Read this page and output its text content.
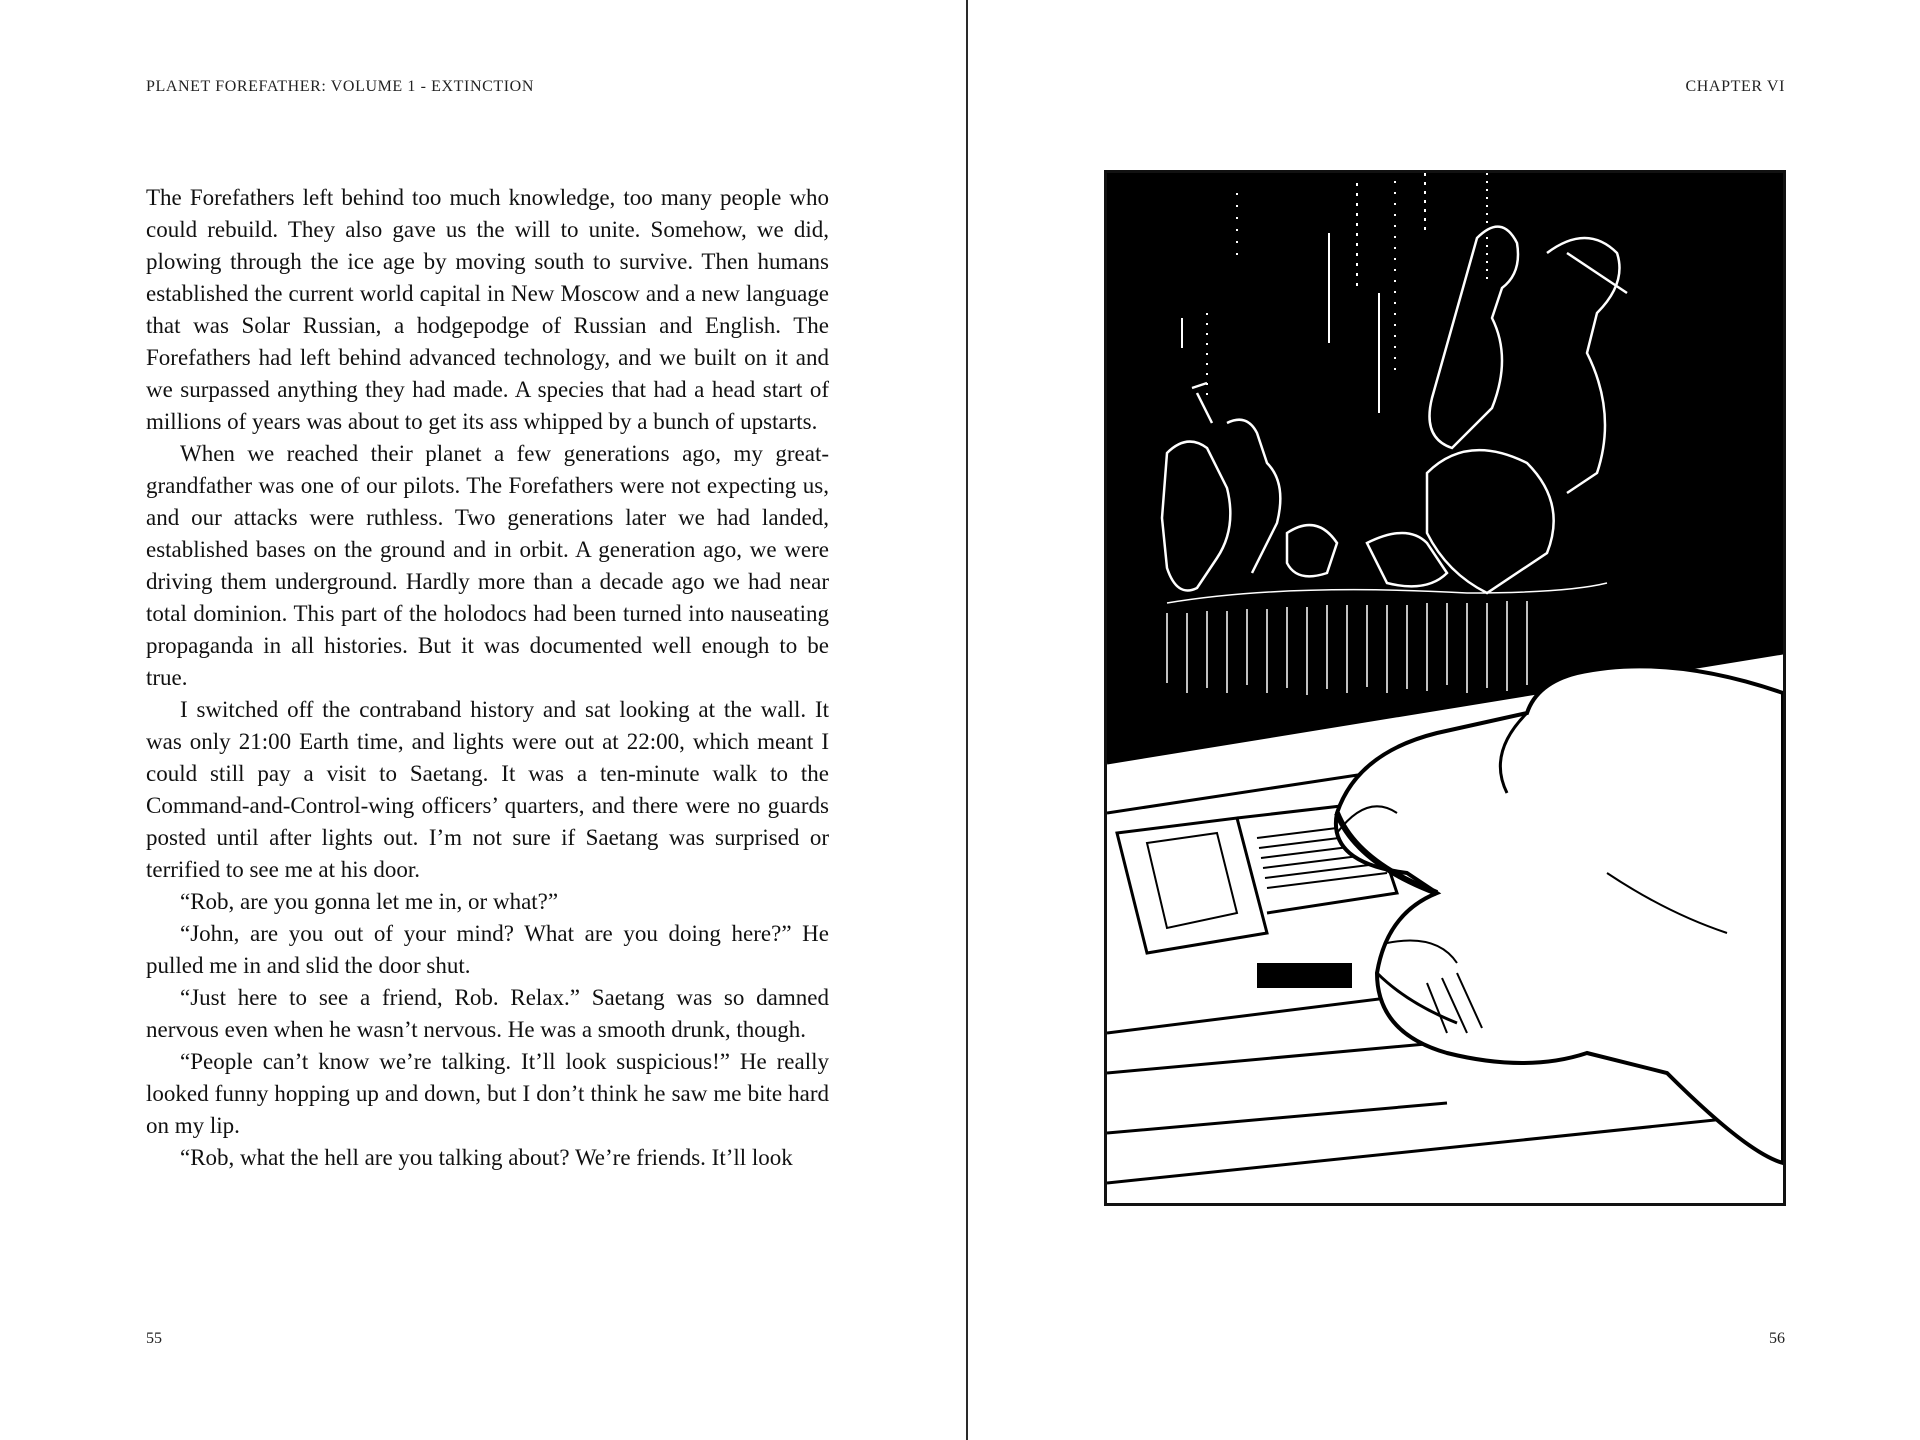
PLANET FOREFATHER: VOLUME 1 - EXTINCTION

The Forefathers left behind too much knowledge, too many people who could rebuild. They also gave us the will to unite. Somehow, we did, plowing through the ice age by moving south to survive. Then humans established the current world capital in New Moscow and a new language that was Solar Russian, a hodgepodge of Russian and English. The Forefathers had left behind advanced technology, and we built on it and we surpassed anything they had made. A species that had a head start of millions of years was about to get its ass whipped by a bunch of upstarts.

When we reached their planet a few generations ago, my great-grandfather was one of our pilots. The Forefathers were not expecting us, and our attacks were ruthless. Two generations later we had landed, established bases on the ground and in orbit. A generation ago, we were driving them underground. Hardly more than a decade ago we had near total dominion. This part of the holodocs had been turned into nauseating propaganda in all histories. But it was documented well enough to be true.

I switched off the contraband history and sat looking at the wall. It was only 21:00 Earth time, and lights were out at 22:00, which meant I could still pay a visit to Saetang. It was a ten-minute walk to the Command-and-Control-wing officers’ quarters, and there were no guards posted until after lights out. I’m not sure if Saetang was surprised or terrified to see me at his door.

“Rob, are you gonna let me in, or what?”

“John, are you out of your mind? What are you doing here?” He pulled me in and slid the door shut.

“Just here to see a friend, Rob. Relax.” Saetang was so damned nervous even when he wasn’t nervous. He was a smooth drunk, though.

“People can’t know we’re talking. It’ll look suspicious!” He really looked funny hopping up and down, but I don’t think he saw me bite hard on my lip.

“Rob, what the hell are you talking about? We’re friends. It’ll look

55
CHAPTER VI
56
